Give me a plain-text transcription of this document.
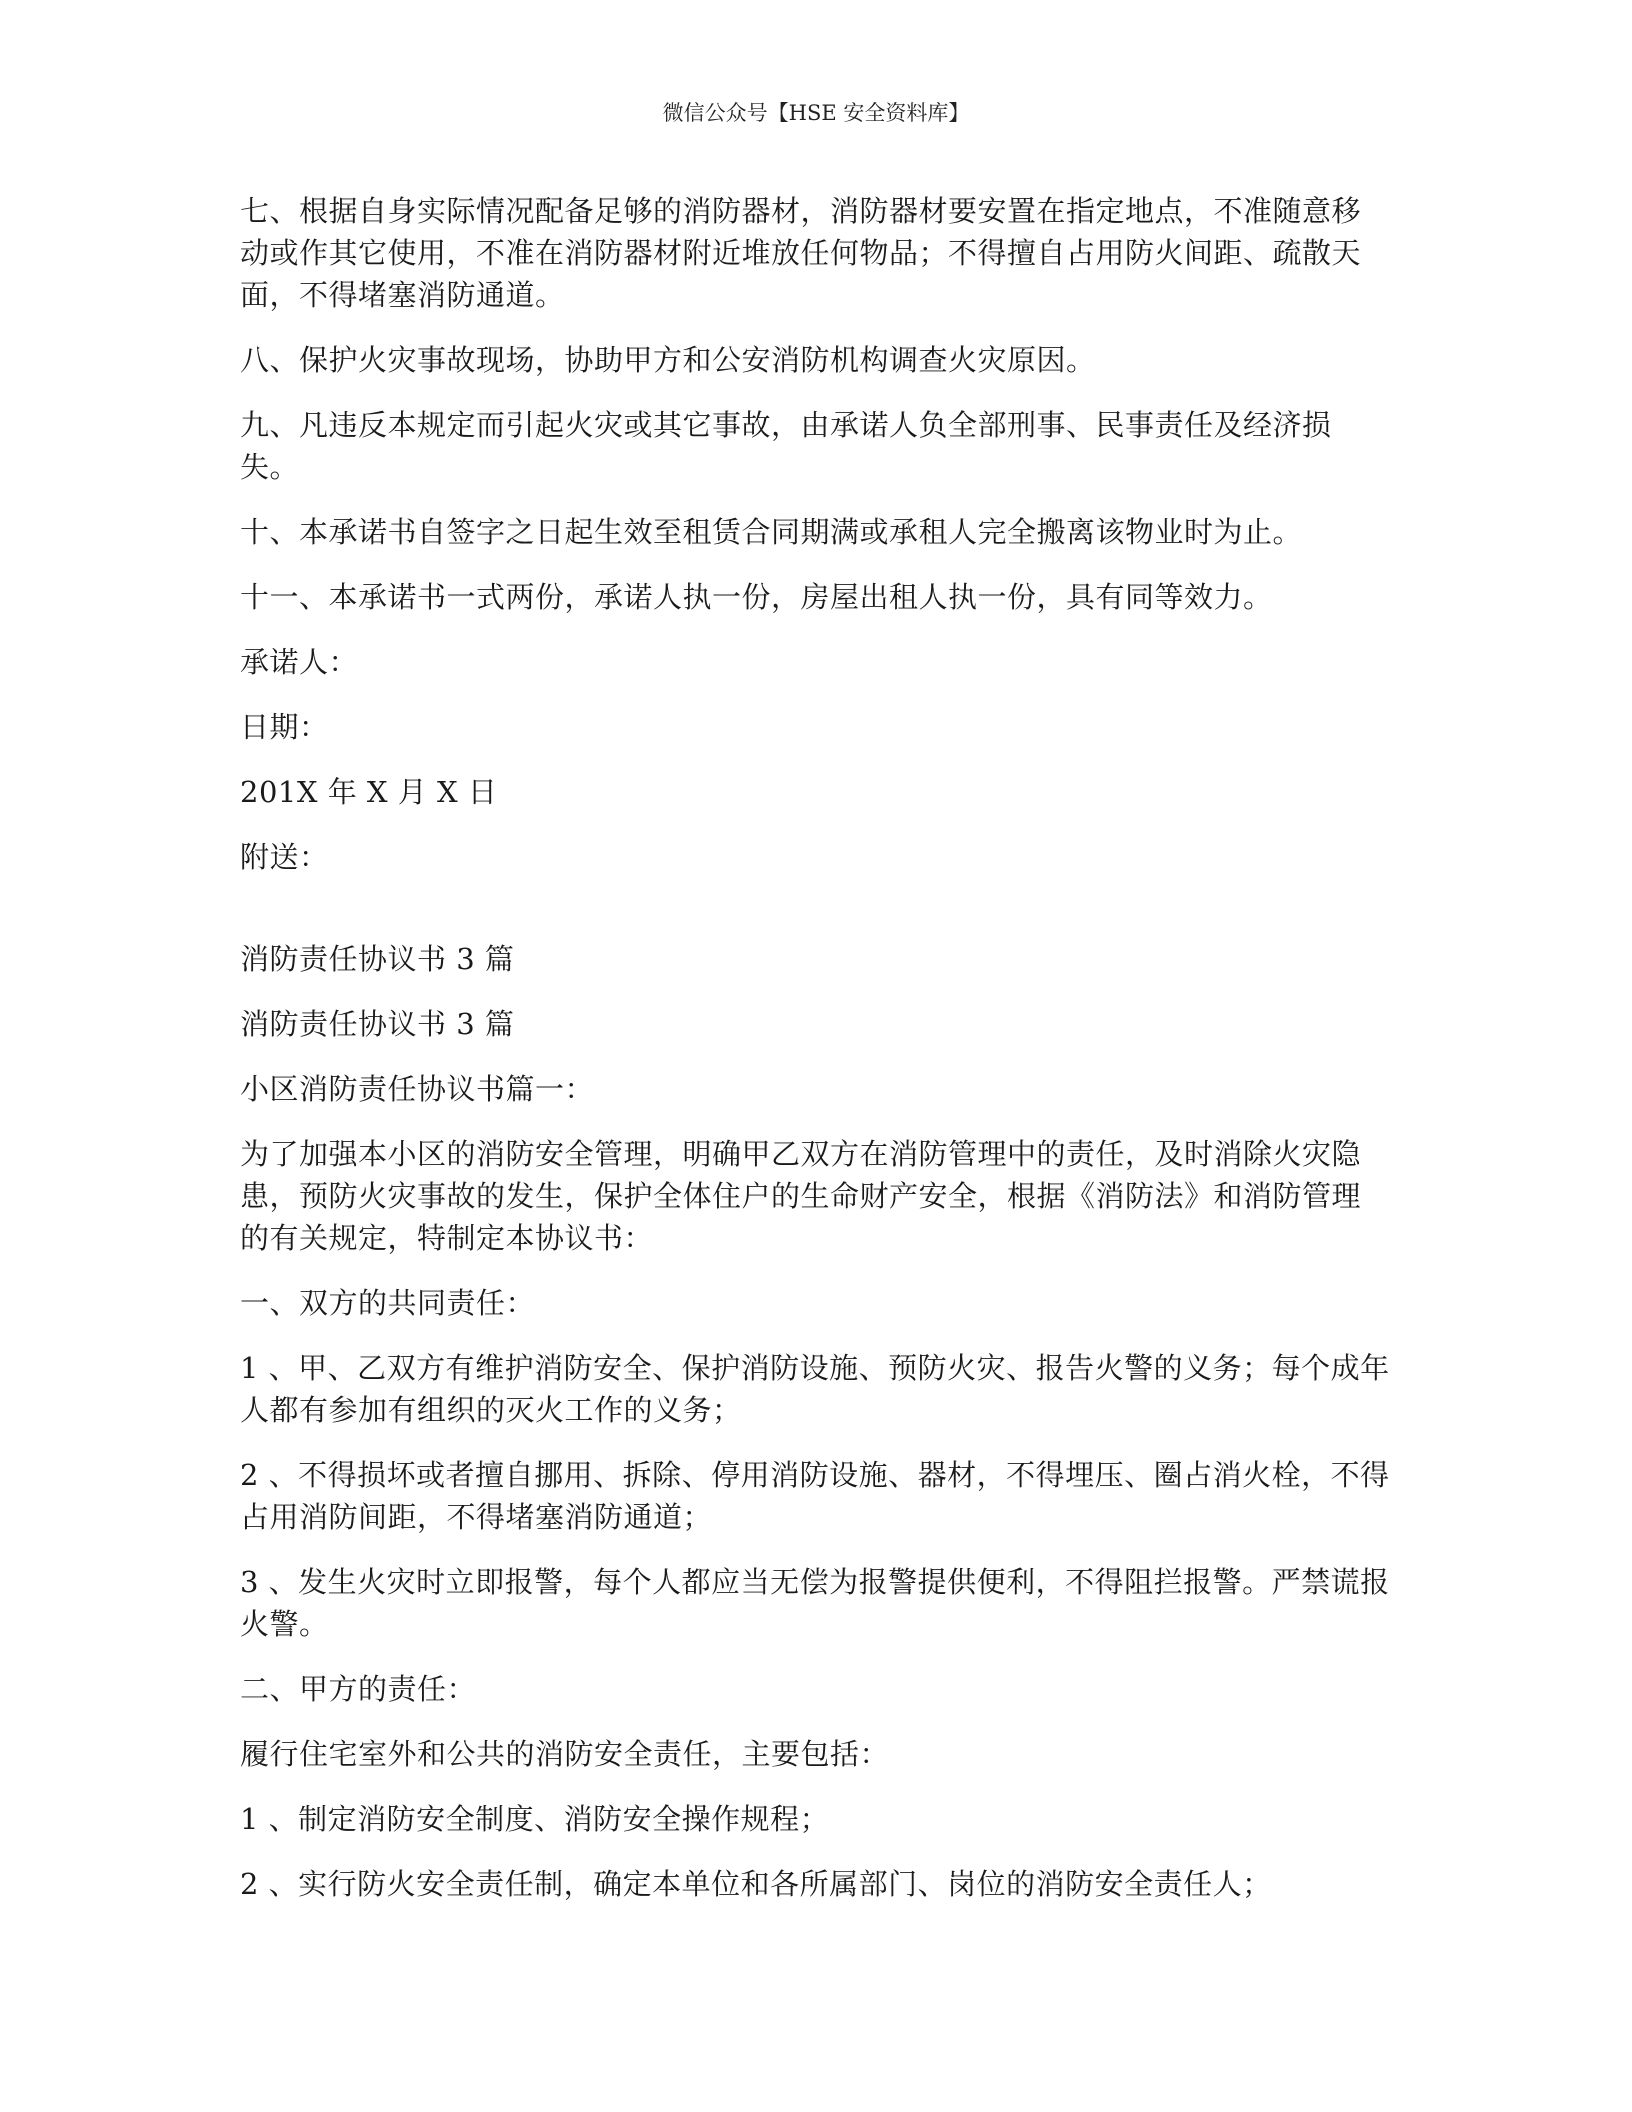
微信公众号【HSE 安全资料库】

七、根据自身实际情况配备足够的消防器材，消防器材要安置在指定地点，不准随意移动或作其它使用，不准在消防器材附近堆放任何物品；不得擅自占用防火间距、疏散天面，不得堵塞消防通道。

八、保护火灾事故现场，协助甲方和公安消防机构调查火灾原因。

九、凡违反本规定而引起火灾或其它事故，由承诺人负全部刑事、民事责任及经济损失。

十、本承诺书自签字之日起生效至租赁合同期满或承租人完全搬离该物业时为止。

十一、本承诺书一式两份，承诺人执一份，房屋出租人执一份，具有同等效力。

承诺人：

日期：

201X 年 X 月 X 日

附送：

消防责任协议书 3 篇

消防责任协议书 3 篇

小区消防责任协议书篇一：

为了加强本小区的消防安全管理，明确甲乙双方在消防管理中的责任，及时消除火灾隐患，预防火灾事故的发生，保护全体住户的生命财产安全，根据《消防法》和消防管理的有关规定，特制定本协议书：

一、双方的共同责任：

1 、甲、乙双方有维护消防安全、保护消防设施、预防火灾、报告火警的义务；每个成年人都有参加有组织的灭火工作的义务；

2 、不得损坏或者擅自挪用、拆除、停用消防设施、器材，不得埋压、圈占消火栓，不得占用消防间距，不得堵塞消防通道；

3 、发生火灾时立即报警，每个人都应当无偿为报警提供便利，不得阻拦报警。严禁谎报火警。

二、甲方的责任：

履行住宅室外和公共的消防安全责任，主要包括：

1 、制定消防安全制度、消防安全操作规程；

2 、实行防火安全责任制，确定本单位和各所属部门、岗位的消防安全责任人；
